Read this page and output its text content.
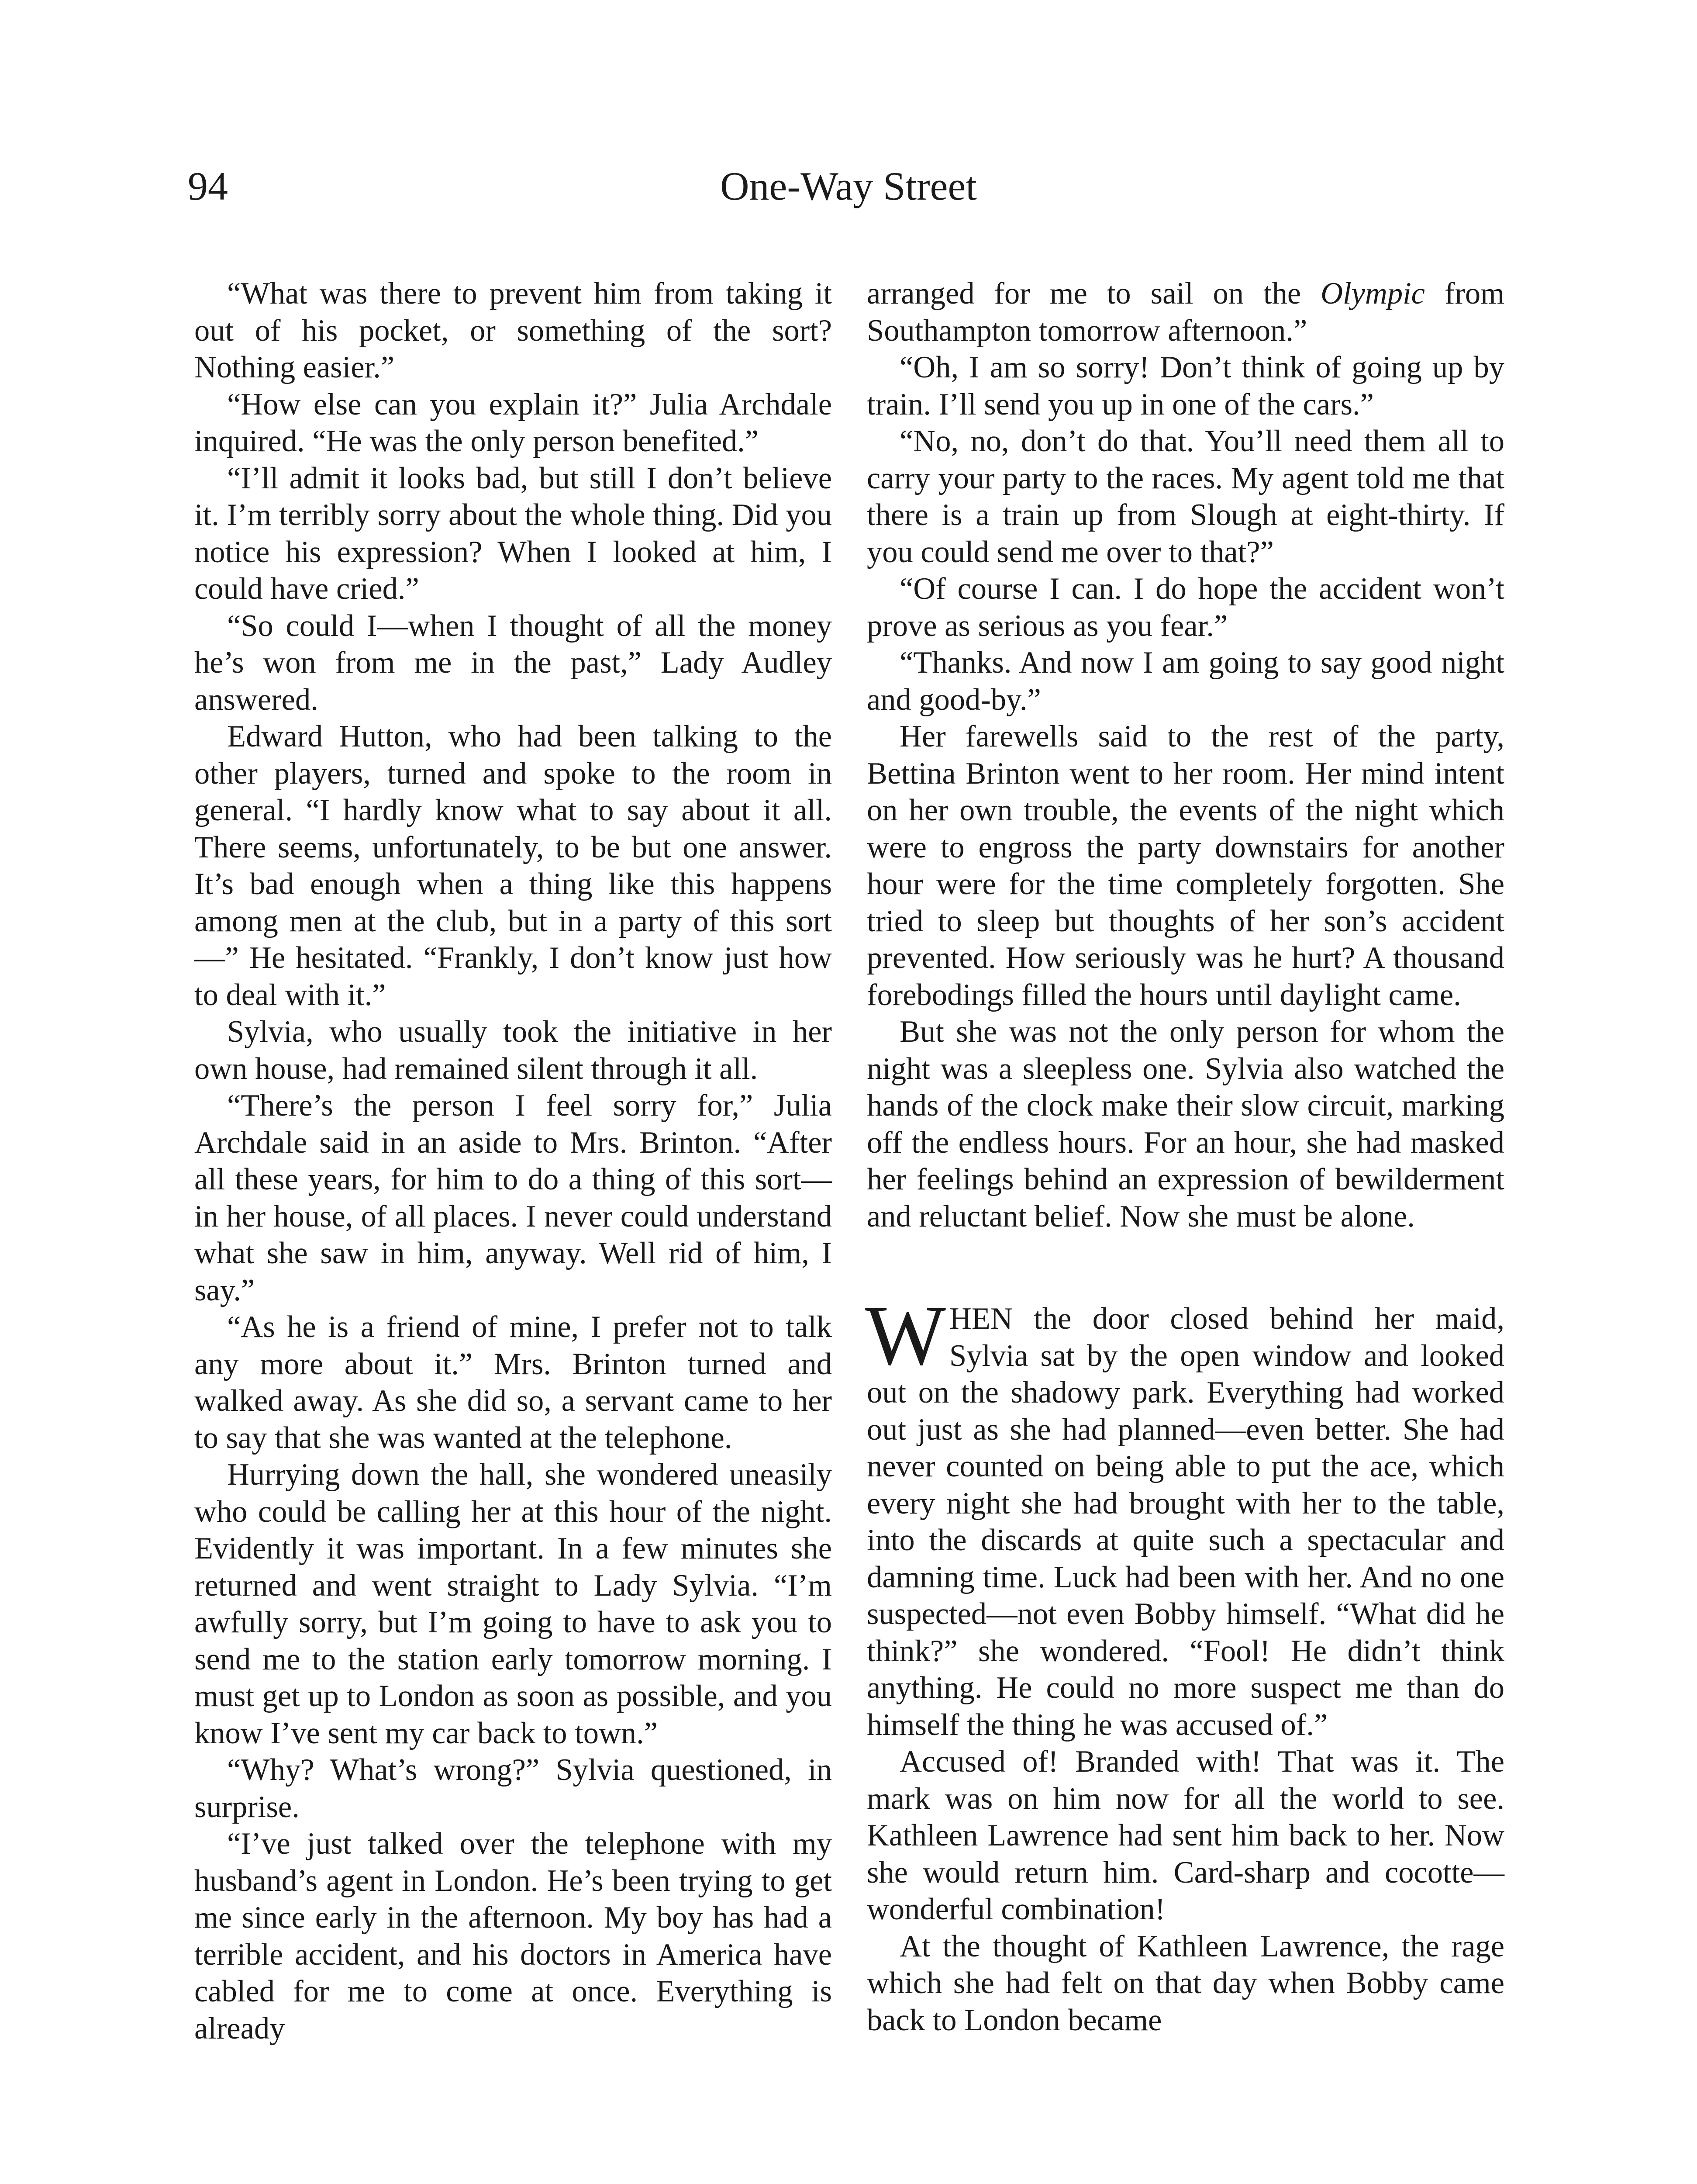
94	One-Way Street

“What was there to prevent him from taking it out of his pocket, or something of the sort? Nothing easier.”

“How else can you explain it?” Julia Archdale inquired. “He was the only person benefited.”

“I’ll admit it looks bad, but still I don’t believe it. I’m terribly sorry about the whole thing. Did you notice his expression? When I looked at him, I could have cried.”

“So could I—when I thought of all the money he’s won from me in the past,” Lady Audley answered.

Edward Hutton, who had been talking to the other players, turned and spoke to the room in general. “I hardly know what to say about it all. There seems, unfortunately, to be but one answer. It’s bad enough when a thing like this happens among men at the club, but in a party of this sort—” He hesitated. “Frankly, I don’t know just how to deal with it.”

Sylvia, who usually took the initiative in her own house, had remained silent through it all.

“There’s the person I feel sorry for,” Julia Archdale said in an aside to Mrs. Brinton. “After all these years, for him to do a thing of this sort—in her house, of all places. I never could understand what she saw in him, anyway. Well rid of him, I say.”

“As he is a friend of mine, I prefer not to talk any more about it.” Mrs. Brinton turned and walked away. As she did so, a servant came to her to say that she was wanted at the telephone.

Hurrying down the hall, she wondered uneasily who could be calling her at this hour of the night. Evidently it was important. In a few minutes she returned and went straight to Lady Sylvia. “I’m awfully sorry, but I’m going to have to ask you to send me to the station early tomorrow morning. I must get up to London as soon as possible, and you know I’ve sent my car back to town.”

“Why? What’s wrong?” Sylvia questioned, in surprise.

“I’ve just talked over the telephone with my husband’s agent in London. He’s been trying to get me since early in the afternoon. My boy has had a terrible accident, and his doctors in America have cabled for me to come at once. Everything is already

arranged for me to sail on the Olympic from Southampton tomorrow afternoon.”

“Oh, I am so sorry! Don’t think of going up by train. I’ll send you up in one of the cars.”

“No, no, don’t do that. You’ll need them all to carry your party to the races. My agent told me that there is a train up from Slough at eight-thirty. If you could send me over to that?”

“Of course I can. I do hope the accident won’t prove as serious as you fear.”

“Thanks. And now I am going to say good night and good-by.”

Her farewells said to the rest of the party, Bettina Brinton went to her room. Her mind intent on her own trouble, the events of the night which were to engross the party downstairs for another hour were for the time completely forgotten. She tried to sleep but thoughts of her son’s accident prevented. How seriously was he hurt? A thousand forebodings filled the hours until daylight came.

But she was not the only person for whom the night was a sleepless one. Sylvia also watched the hands of the clock make their slow circuit, marking off the endless hours. For an hour, she had masked her feelings behind an expression of bewilderment and reluctant belief. Now she must be alone.

WHEN the door closed behind her maid, Sylvia sat by the open window and looked out on the shadowy park. Everything had worked out just as she had planned—even better. She had never counted on being able to put the ace, which every night she had brought with her to the table, into the discards at quite such a spectacular and damning time. Luck had been with her. And no one suspected—not even Bobby himself. “What did he think?” she wondered. “Fool! He didn’t think anything. He could no more suspect me than do himself the thing he was accused of.”

Accused of! Branded with! That was it. The mark was on him now for all the world to see. Kathleen Lawrence had sent him back to her. Now she would return him. Card-sharp and cocotte—wonderful combination!

At the thought of Kathleen Lawrence, the rage which she had felt on that day when Bobby came back to London became
